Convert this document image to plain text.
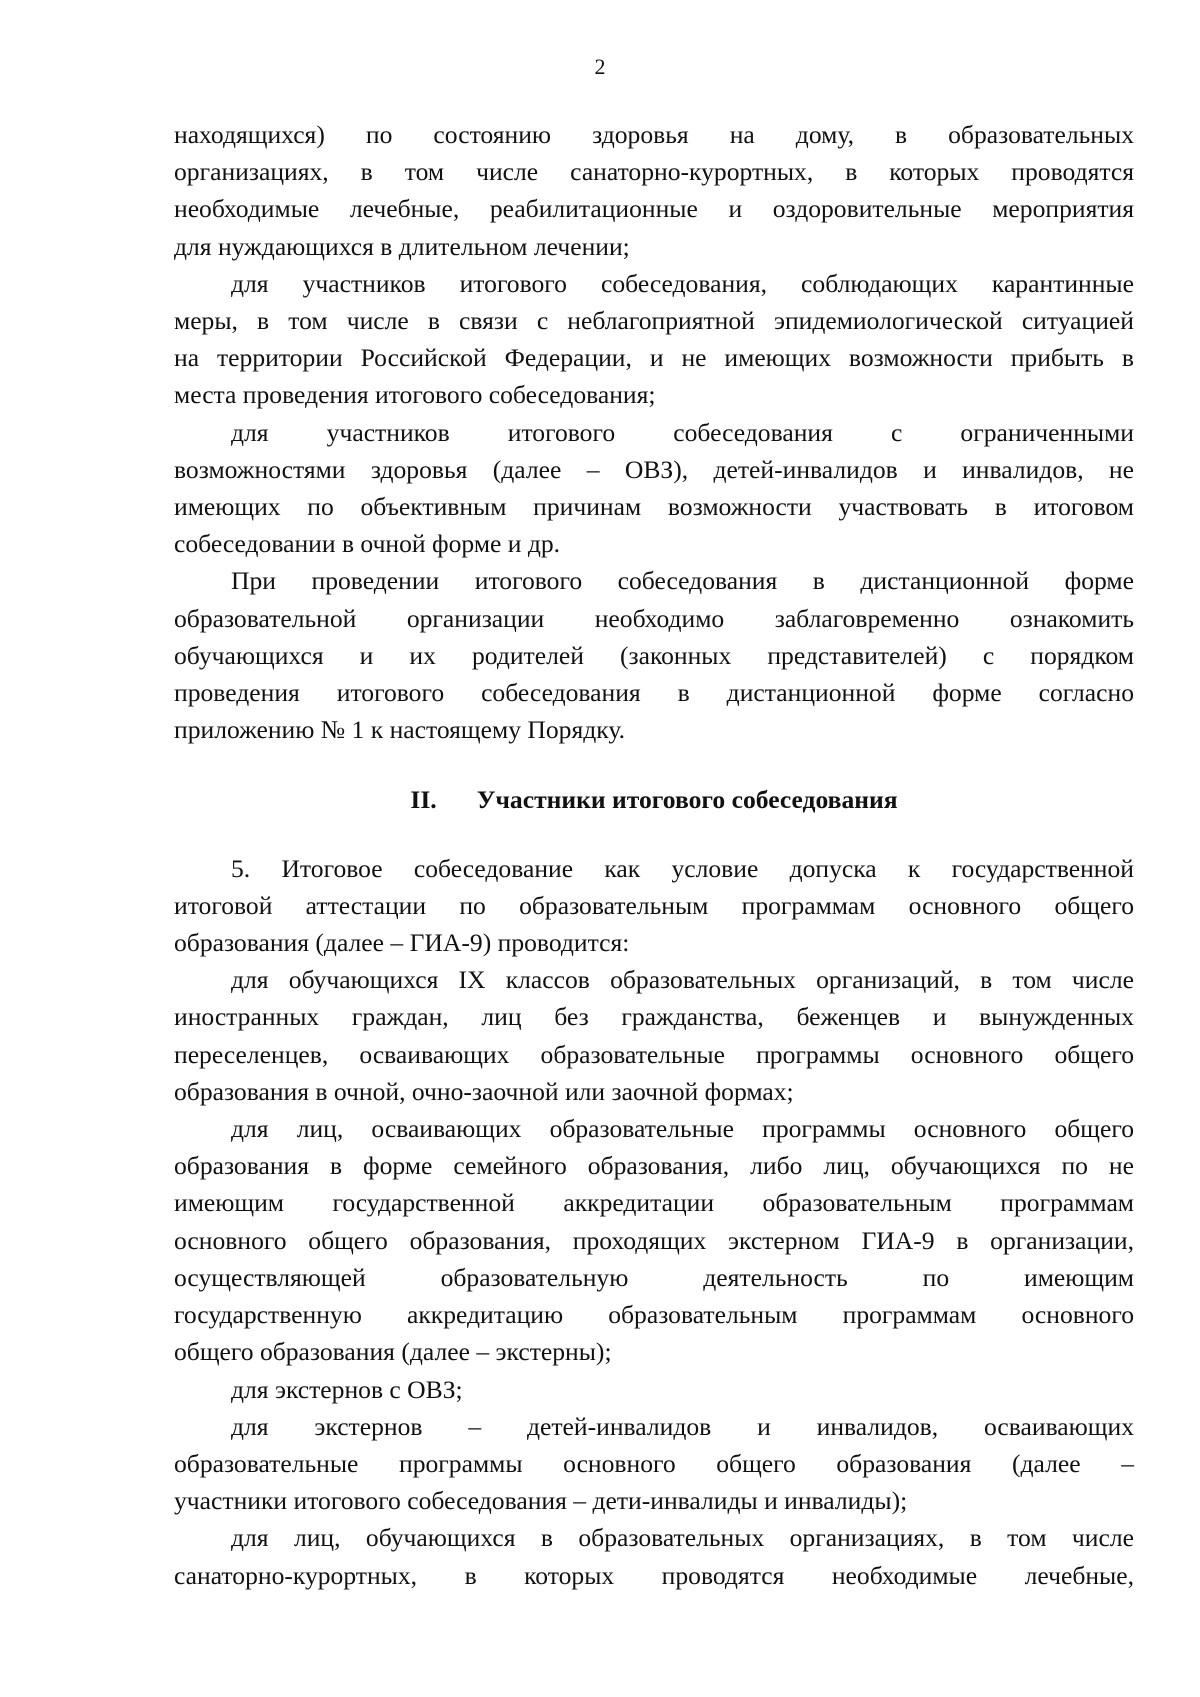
2
находящихся) по состоянию здоровья на дому, в образовательных
организациях, в том числе санаторно-курортных, в которых проводятся
необходимые лечебные, реабилитационные и оздоровительные мероприятия
для нуждающихся в длительном лечении;
для участников итогового собеседования, соблюдающих карантинные
меры, в том числе в связи с неблагоприятной эпидемиологической ситуацией
на территории Российской Федерации, и не имеющих возможности прибыть в
места проведения итогового собеседования;
для участников итогового собеседования с ограниченными
возможностями здоровья (далее – ОВЗ), детей-инвалидов и инвалидов, не
имеющих по объективным причинам возможности участвовать в итоговом
собеседовании в очной форме и др.
При проведении итогового собеседования в дистанционной форме
образовательной организации необходимо заблаговременно ознакомить
обучающихся и их родителей (законных представителей) с порядком
проведения итогового собеседования в дистанционной форме согласно
приложению № 1 к настоящему Порядку.
II. Участники итогового собеседования
5. Итоговое собеседование как условие допуска к государственной
итоговой аттестации по образовательным программам основного общего
образования (далее – ГИА-9) проводится:
для обучающихся IX классов образовательных организаций, в том числе
иностранных граждан, лиц без гражданства, беженцев и вынужденных
переселенцев, осваивающих образовательные программы основного общего
образования в очной, очно-заочной или заочной формах;
для лиц, осваивающих образовательные программы основного общего
образования в форме семейного образования, либо лиц, обучающихся по не
имеющим государственной аккредитации образовательным программам
основного общего образования, проходящих экстерном ГИА-9 в организации,
осуществляющей образовательную деятельность по имеющим
государственную аккредитацию образовательным программам основного
общего образования (далее – экстерны);
для экстернов с ОВЗ;
для экстернов – детей-инвалидов и инвалидов, осваивающих
образовательные программы основного общего образования (далее –
участники итогового собеседования – дети-инвалиды и инвалиды);
для лиц, обучающихся в образовательных организациях, в том числе
санаторно-курортных, в которых проводятся необходимые лечебные,
